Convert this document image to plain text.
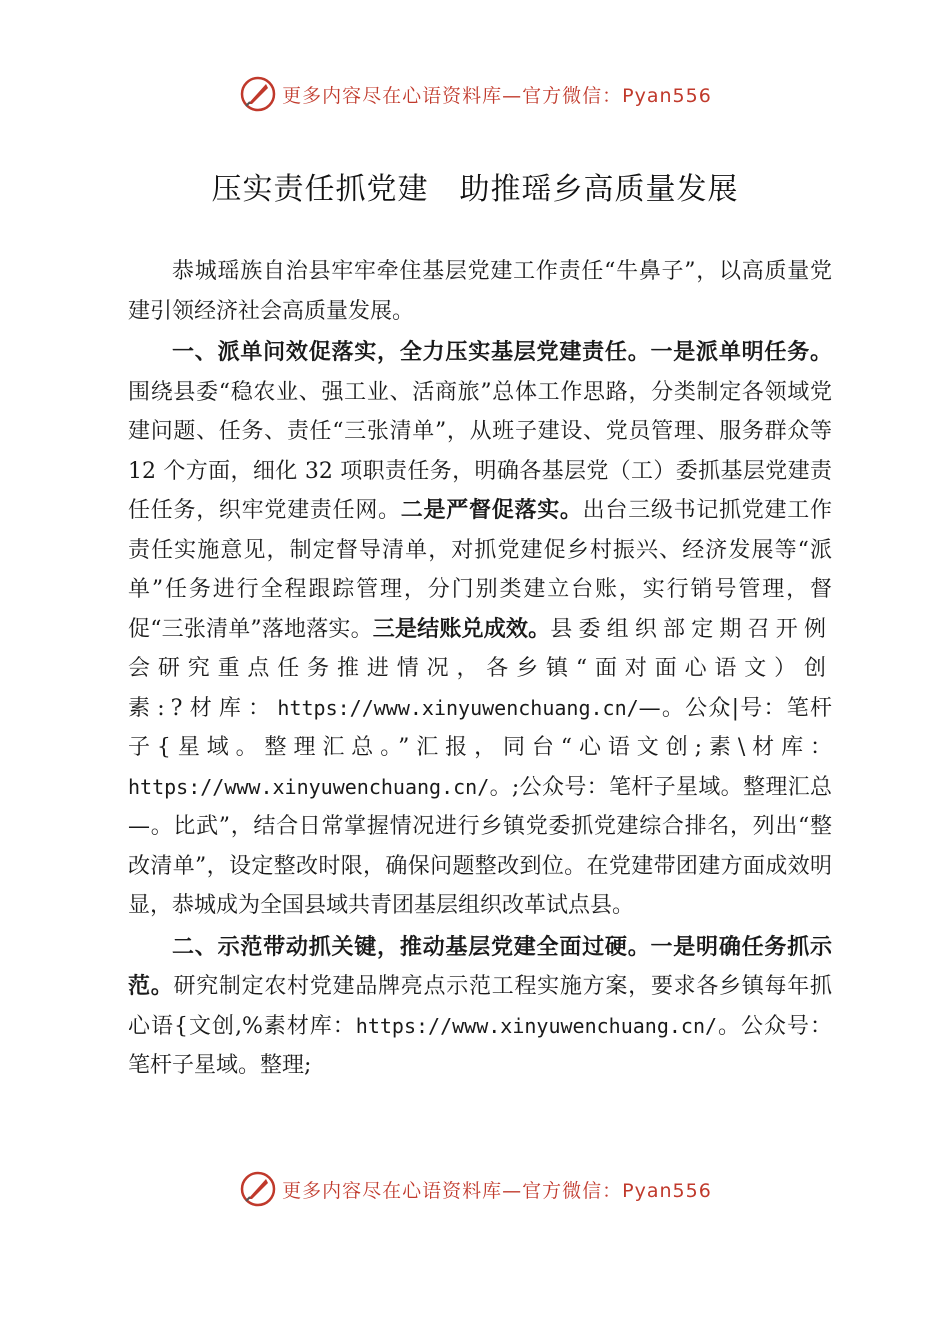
更多内容尽在心语资料库—官方微信：Pyan556
压实责任抓党建　助推瑶乡高质量发展

恭城瑶族自治县牢牢牵住基层党建工作责任“牛鼻子”，以高质量党建引领经济社会高质量发展。

一、派单问效促落实，全力压实基层党建责任。一是派单明任务。围绕县委“稳农业、强工业、活商旅”总体工作思路，分类制定各领域党建问题、任务、责任“三张清单”，从班子建设、党员管理、服务群众等 12 个方面，细化 32 项职责任务，明确各基层党（工）委抓基层党建责任任务，织牢党建责任网。二是严督促落实。出台三级书记抓党建工作责任实施意见，制定督导清单，对抓党建促乡村振兴、经济发展等“派单”任务进行全程跟踪管理，分门别类建立台账，实行销号管理，督促“三张清单”落地落实。三是结账兑成效。县委组织部定期召开例会研究重点任务推进情况，各乡镇“面对面心语文）创素:?材库：https://www.xinyuwenchuang.cn/—。公众|号：笔杆子{星域。整理汇总。”汇报，同台“心语文创;素\材库：https://www.xinyuwenchuang.cn/。;公众号：笔杆子星域。整理汇总—。比武”，结合日常掌握情况进行乡镇党委抓党建综合排名，列出“整改清单”，设定整改时限，确保问题整改到位。在党建带团建方面成效明显，恭城成为全国县域共青团基层组织改革试点县。

二、示范带动抓关键，推动基层党建全面过硬。一是明确任务抓示范。研究制定农村党建品牌亮点示范工程实施方案，要求各乡镇每年抓 心语{文创,%素材库：https://www.xinyuwenchuang.cn/。公众号：笔杆子星域。整理;

更多内容尽在心语资料库—官方微信：Pyan556
